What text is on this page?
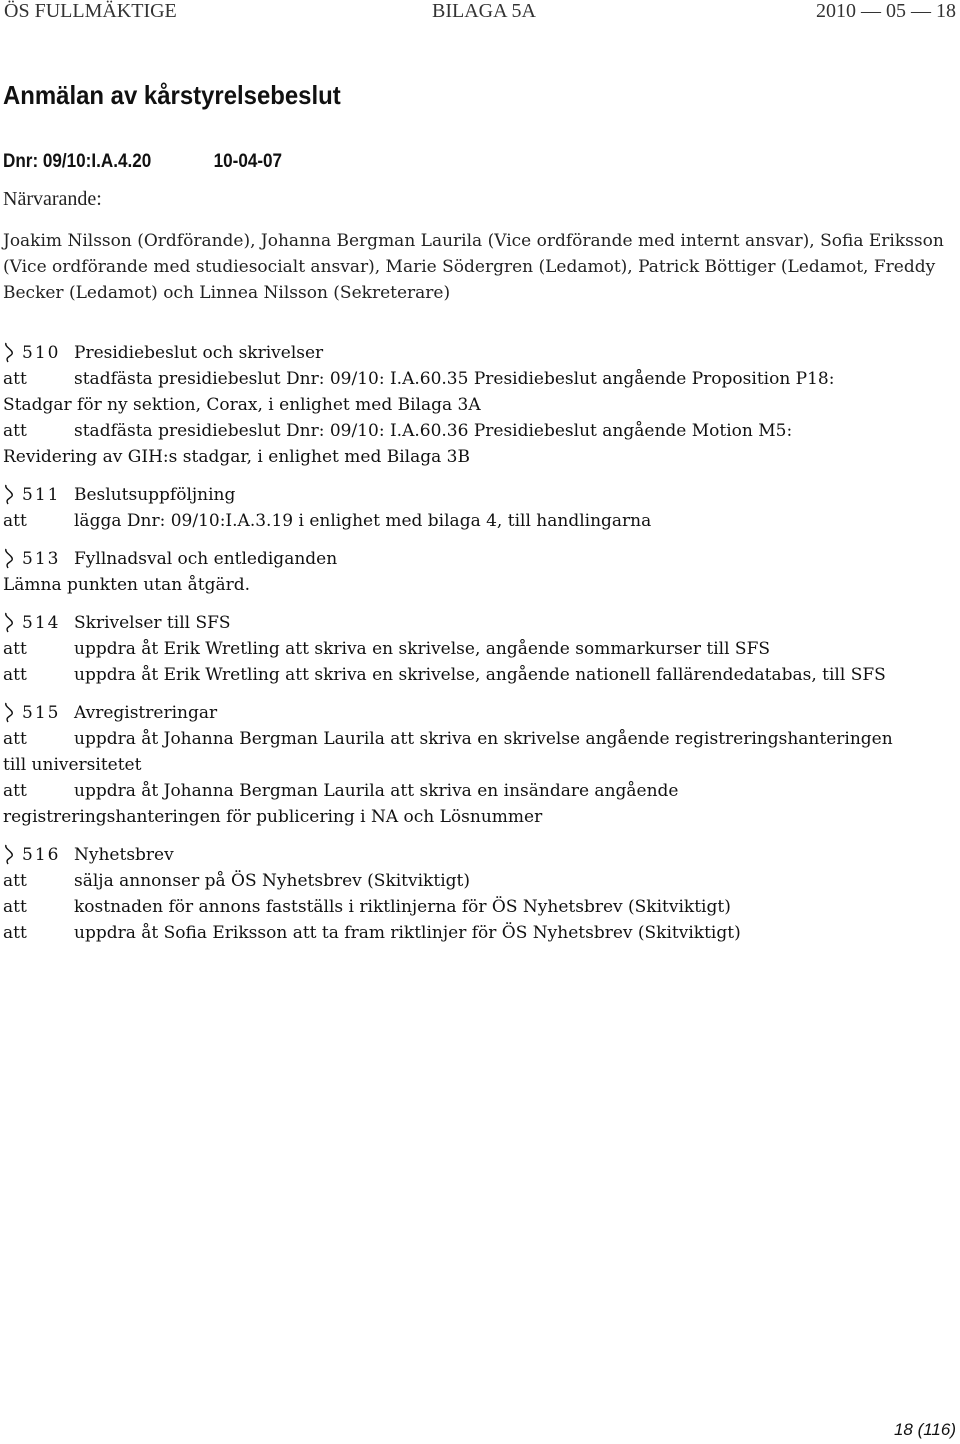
ÖS FULLMÄKTIGE	BILAGA 5A	2010 — 05 — 18
Anmälan av kårstyrelsebeslut
Dnr: 09/10:I.A.4.20	10-04-07
Närvarande:
Joakim Nilsson (Ordförande), Johanna Bergman Laurila (Vice ordförande med internt ansvar), Sofia Eriksson (Vice ordförande med studiesocialt ansvar), Marie Södergren (Ledamot), Patrick Böttiger (Ledamot, Freddy Becker (Ledamot) och Linnea Nilsson (Sekreterare)
510 Presidiebeslut och skrivelser
att	stadfästa presidiebeslut Dnr: 09/10: I.A.60.35 Presidiebeslut angående Proposition P18:
Stadgar för ny sektion, Corax, i enlighet med Bilaga 3A
att	stadfästa presidiebeslut Dnr: 09/10: I.A.60.36 Presidiebeslut angående Motion M5:
Revidering av GIH:s stadgar, i enlighet med Bilaga 3B
511 Beslutsuppföljning
att	lägga Dnr: 09/10:I.A.3.19 i enlighet med bilaga 4, till handlingarna
513 Fyllnadsval och entlediganden
Lämna punkten utan åtgärd.
514 Skrivelser till SFS
att	uppdra åt Erik Wretling att skriva en skrivelse, angående sommarkurser till SFS
att	uppdra åt Erik Wretling att skriva en skrivelse, angående nationell fallärendedatabas, till SFS
515 Avregistreringar
att	uppdra åt Johanna Bergman Laurila att skriva en skrivelse angående registreringshanteringen
till universitetet
att	uppdra åt Johanna Bergman Laurila att skriva en insändare angående
registreringshanteringen för publicering i NA och Lösnummer
516 Nyhetsbrev
att	sälja annonser på ÖS Nyhetsbrev (Skitviktigt)
att	kostnaden för annons fastställs i riktlinjerna för ÖS Nyhetsbrev (Skitviktigt)
att	uppdra åt Sofia Eriksson att ta fram riktlinjer för ÖS Nyhetsbrev (Skitviktigt)
18 (116)
